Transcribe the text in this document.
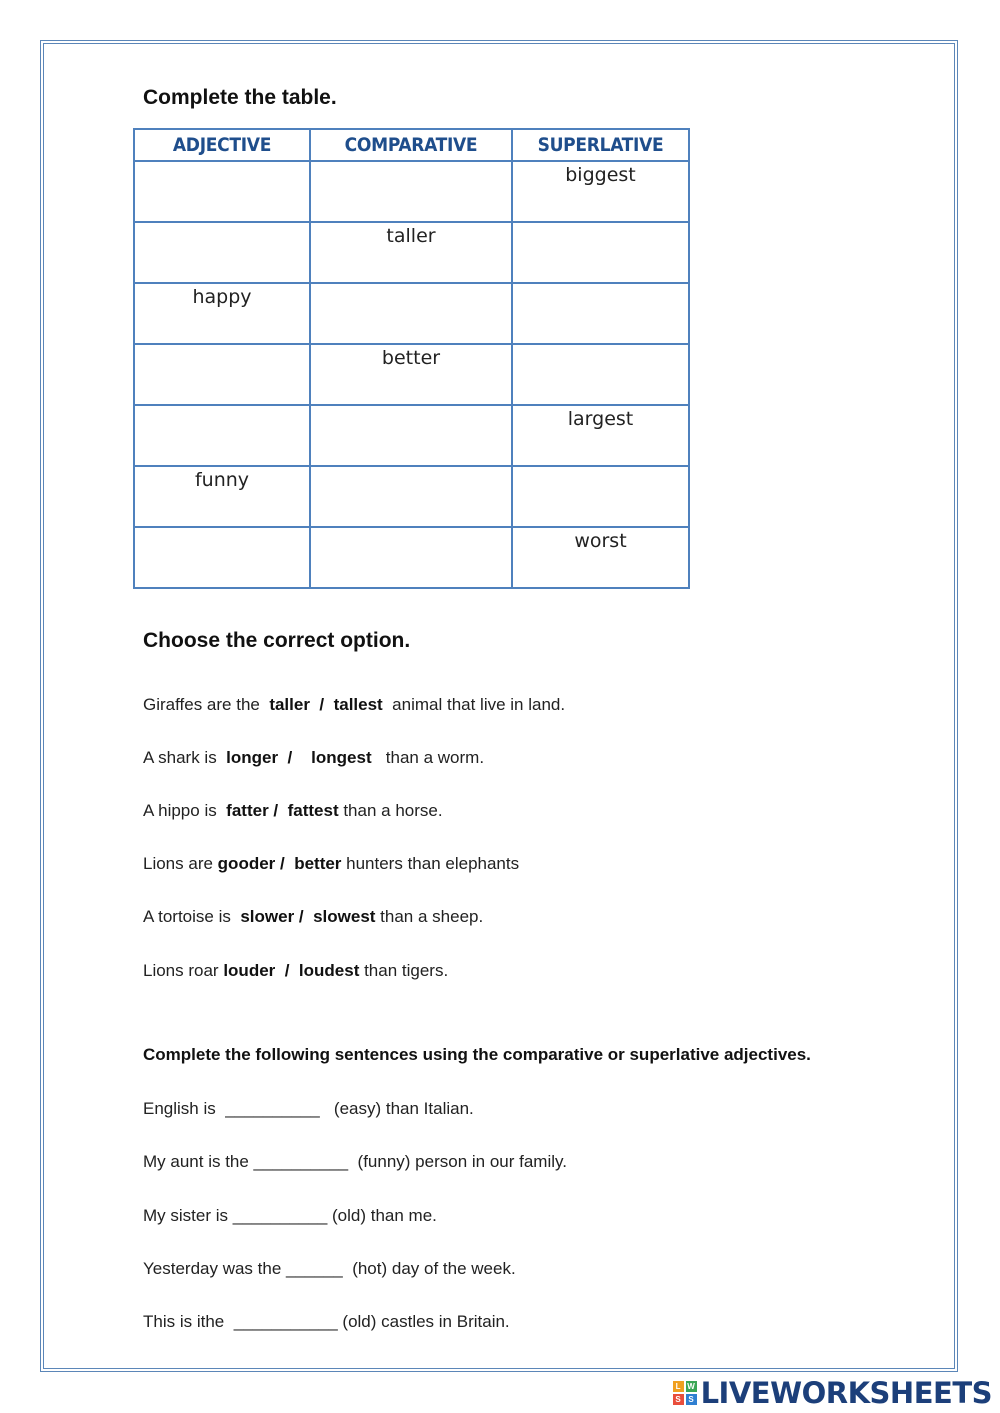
Complete the table.
ADJECTIVE	COMPARATIVE	SUPERLATIVE
		biggest
	taller	
happy		
	better	
		largest
funny		
		worst
Choose the correct option.
Giraffes are the  taller  /  tallest  animal that live in land.
A shark is  longer  /    longest   than a worm.
A hippo is  fatter /  fattest than a horse.
Lions are gooder /  better hunters than elephants
A tortoise is  slower /  slowest than a sheep.
Lions roar louder  /  loudest than tigers.
Complete the following sentences using the comparative or superlative adjectives.
English is  __________   (easy) than Italian.
My aunt is the __________  (funny) person in our family.
My sister is __________ (old) than me.
Yesterday was the ______  (hot) day of the week.
This is ithe  ___________ (old) castles in Britain.
L W
S S LIVEWORKSHEETS
